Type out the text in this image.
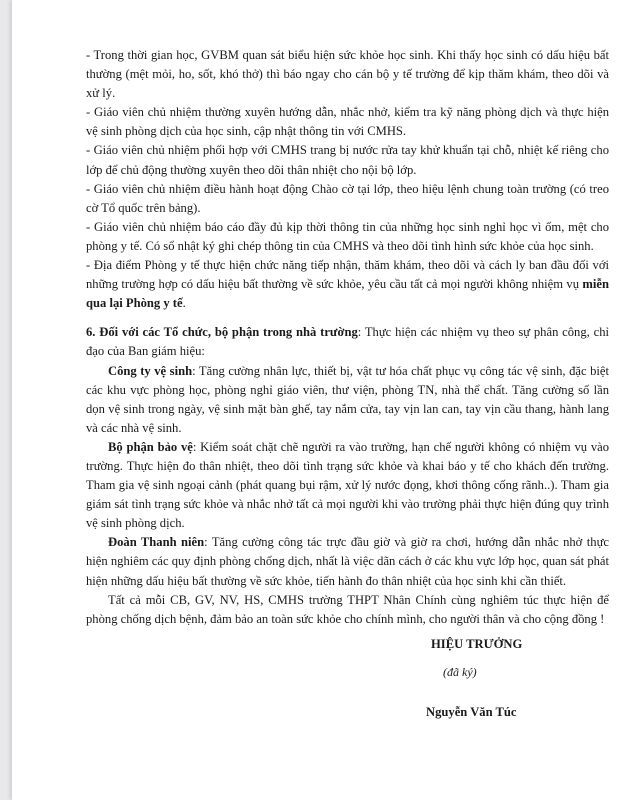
- Trong thời gian học, GVBM quan sát biểu hiện sức khỏe học sinh. Khi thấy học sinh có dấu hiệu bất thường (mệt mỏi, ho, sốt, khó thở) thì báo ngay cho cán bộ y tế trường để kịp thăm khám, theo dõi và xử lý.

- Giáo viên chủ nhiệm thường xuyên hướng dẫn, nhắc nhở, kiểm tra kỹ năng phòng dịch và thực hiện vệ sinh phòng dịch của học sinh, cập nhật thông tin với CMHS.

- Giáo viên chủ nhiệm phối hợp với CMHS trang bị nước rửa tay khử khuẩn tại chỗ, nhiệt kế riêng cho lớp để chủ động thường xuyên theo dõi thân nhiệt cho nội bộ lớp.

- Giáo viên chủ nhiệm điều hành hoạt động Chào cờ tại lớp, theo hiệu lệnh chung toàn trường (có treo cờ Tổ quốc trên bảng).

- Giáo viên chủ nhiệm báo cáo đầy đủ kịp thời thông tin của những học sinh nghỉ học vì ốm, mệt cho phòng y tế. Có sổ nhật ký ghi chép thông tin của CMHS và theo dõi tình hình sức khỏe của học sinh.

- Địa điểm Phòng y tế thực hiện chức năng tiếp nhận, thăm khám, theo dõi và cách ly ban đầu đối với những trường hợp có dấu hiệu bất thường về sức khỏe, yêu cầu tất cả mọi người không nhiệm vụ miễn qua lại Phòng y tế.

6. Đối với các Tổ chức, bộ phận trong nhà trường: Thực hiện các nhiệm vụ theo sự phân công, chỉ đạo của Ban giám hiệu:

Công ty vệ sinh: Tăng cường nhân lực, thiết bị, vật tư hóa chất phục vụ công tác vệ sinh, đặc biệt các khu vực phòng học, phòng nghỉ giáo viên, thư viện, phòng TN, nhà thể chất. Tăng cường số lần dọn vệ sinh trong ngày, vệ sinh mặt bàn ghế, tay nắm cửa, tay vịn lan can, tay vịn cầu thang, hành lang và các nhà vệ sinh.

Bộ phận bảo vệ: Kiểm soát chặt chẽ người ra vào trường, hạn chế người không có nhiệm vụ vào trường. Thực hiện đo thân nhiệt, theo dõi tình trạng sức khỏe và khai báo y tế cho khách đến trường. Tham gia vệ sinh ngoại cảnh (phát quang bụi rậm, xử lý nước đọng, khơi thông cống rãnh..). Tham gia giám sát tình trạng sức khỏe và nhắc nhở tất cả mọi người khi vào trường phải thực hiện đúng quy trình vệ sinh phòng dịch.

Đoàn Thanh niên: Tăng cường công tác trực đầu giờ và giờ ra chơi, hướng dẫn nhắc nhở thực hiện nghiêm các quy định phòng chống dịch, nhất là việc dãn cách ở các khu vực lớp học, quan sát phát hiện những dấu hiệu bất thường về sức khỏe, tiến hành đo thân nhiệt của học sinh khi cần thiết.

Tất cả mỗi CB, GV, NV, HS, CMHS trường THPT Nhân Chính cùng nghiêm túc thực hiện để phòng chống dịch bệnh, đảm bảo an toàn sức khỏe cho chính mình, cho người thân và cho cộng đồng !

HIỆU TRƯỞNG
(đã ký)
Nguyễn Văn Túc
